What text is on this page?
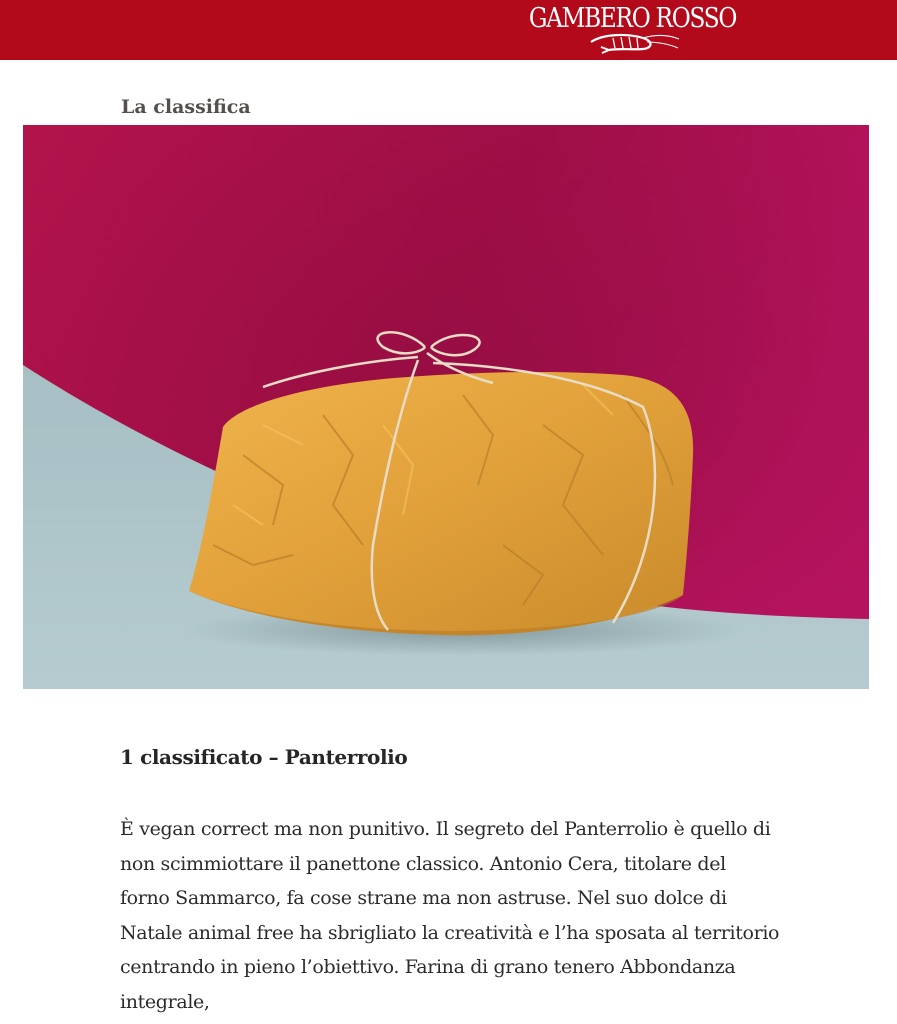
GAMBERO ROSSO
La classifica
1 classificato – Panterrolio

È vegan correct ma non punitivo. Il segreto del Panterrolio è quello di non scimmiottare il panettone classico. Antonio Cera, titolare del forno Sammarco, fa cose strane ma non astruse. Nel suo dolce di Natale animal free ha sbrigliato la creatività e l’ha sposata al territorio centrando in pieno l’obiettivo. Farina di grano tenero Abbondanza integrale,
